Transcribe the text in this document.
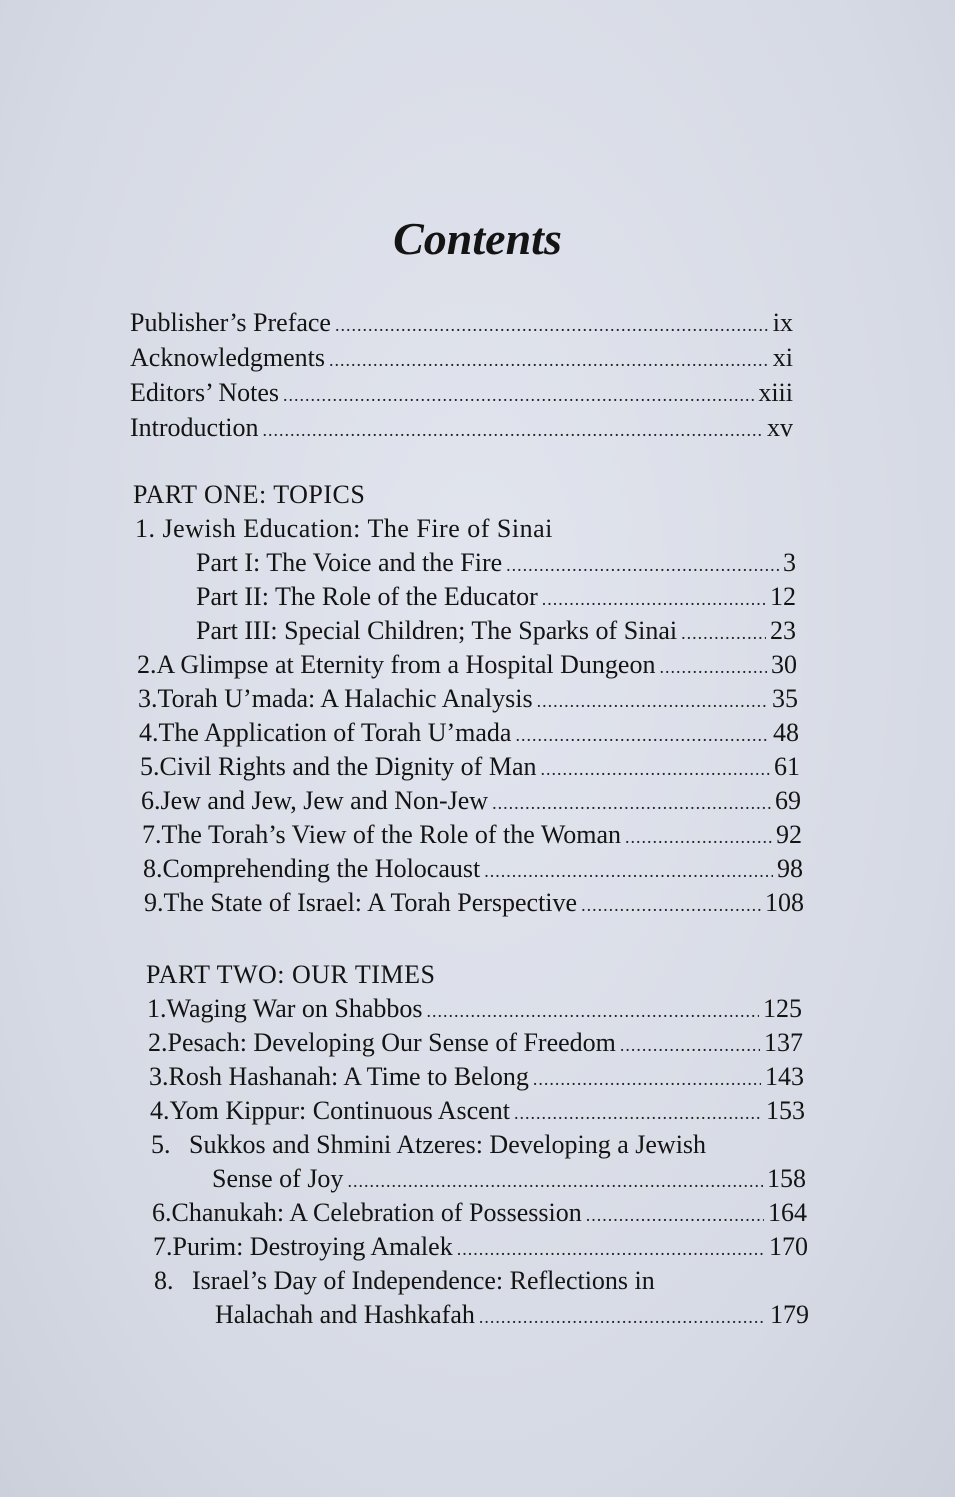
Contents
Publisher’s Preface .....	ix
Acknowledgments .....	xi
Editors’ Notes .....	xiii
Introduction .....	xv
PART ONE: TOPICS
1. Jewish Education: The Fire of Sinai
Part I: The Voice and the Fire .....	3
Part II: The Role of the Educator .....	12
Part III: Special Children; The Sparks of Sinai .....	23
2. A Glimpse at Eternity from a Hospital Dungeon .....	30
3. Torah U’mada: A Halachic Analysis .....	35
4. The Application of Torah U’mada .....	48
5. Civil Rights and the Dignity of Man .....	61
6. Jew and Jew, Jew and Non-Jew .....	69
7. The Torah’s View of the Role of the Woman .....	92
8. Comprehending the Holocaust .....	98
9. The State of Israel: A Torah Perspective .....	108
PART TWO: OUR TIMES
1. Waging War on Shabbos .....	125
2. Pesach: Developing Our Sense of Freedom .....	137
3. Rosh Hashanah: A Time to Belong .....	143
4. Yom Kippur: Continuous Ascent .....	153
5. Sukkos and Shmini Atzeres: Developing a Jewish
Sense of Joy .....	158
6. Chanukah: A Celebration of Possession .....	164
7. Purim: Destroying Amalek .....	170
8. Israel’s Day of Independence: Reflections in
Halachah and Hashkafah .....	179
